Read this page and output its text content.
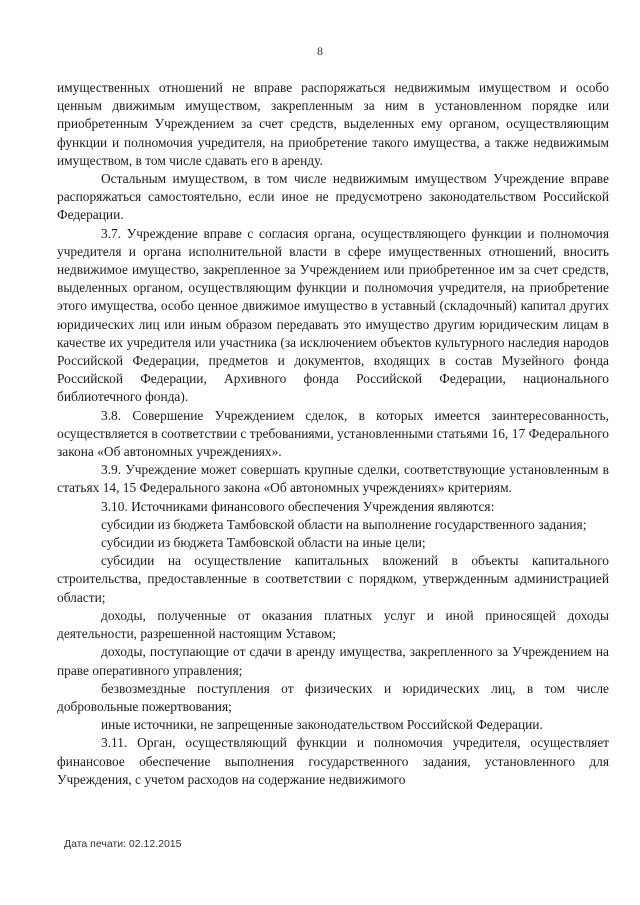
8

имущественных отношений не вправе распоряжаться недвижимым имуществом и особо ценным движимым имуществом, закрепленным за ним в установленном порядке или приобретенным Учреждением за счет средств, выделенных ему органом, осуществляющим функции и полномочия учредителя, на приобретение такого имущества, а также недвижимым имуществом, в том числе сдавать его в аренду.

Остальным имуществом, в том числе недвижимым имуществом Учреждение вправе распоряжаться самостоятельно, если иное не предусмотрено законодательством Российской Федерации.

3.7. Учреждение вправе с согласия органа, осуществляющего функции и полномочия учредителя и органа исполнительной власти в сфере имущественных отношений, вносить недвижимое имущество, закрепленное за Учреждением или приобретенное им за счет средств, выделенных органом, осуществляющим функции и полномочия учредителя, на приобретение этого имущества, особо ценное движимое имущество в уставный (складочный) капитал других юридических лиц или иным образом передавать это имущество другим юридическим лицам в качестве их учредителя или участника (за исключением объектов культурного наследия народов Российской Федерации, предметов и документов, входящих в состав Музейного фонда Российской Федерации, Архивного фонда Российской Федерации, национального библиотечного фонда).

3.8. Совершение Учреждением сделок, в которых имеется заинтересованность, осуществляется в соответствии с требованиями, установленными статьями 16, 17 Федерального закона «Об автономных учреждениях».

3.9. Учреждение может совершать крупные сделки, соответствующие установленным в статьях 14, 15 Федерального закона «Об автономных учреждениях» критериям.

3.10. Источниками финансового обеспечения Учреждения являются:

субсидии из бюджета Тамбовской области на выполнение государственного задания;

субсидии из бюджета Тамбовской области на иные цели;

субсидии на осуществление капитальных вложений в объекты капитального строительства, предоставленные в соответствии с порядком, утвержденным администрацией области;

доходы, полученные от оказания платных услуг и иной приносящей доходы деятельности, разрешенной настоящим Уставом;

доходы, поступающие от сдачи в аренду имущества, закрепленного за Учреждением на праве оперативного управления;

безвозмездные поступления от физических и юридических лиц, в том числе добровольные пожертвования;

иные источники, не запрещенные законодательством Российской Федерации.

3.11. Орган, осуществляющий функции и полномочия учредителя, осуществляет финансовое обеспечение выполнения государственного задания, установленного для Учреждения, с учетом расходов на содержание недвижимого

Дата печати: 02.12.2015
